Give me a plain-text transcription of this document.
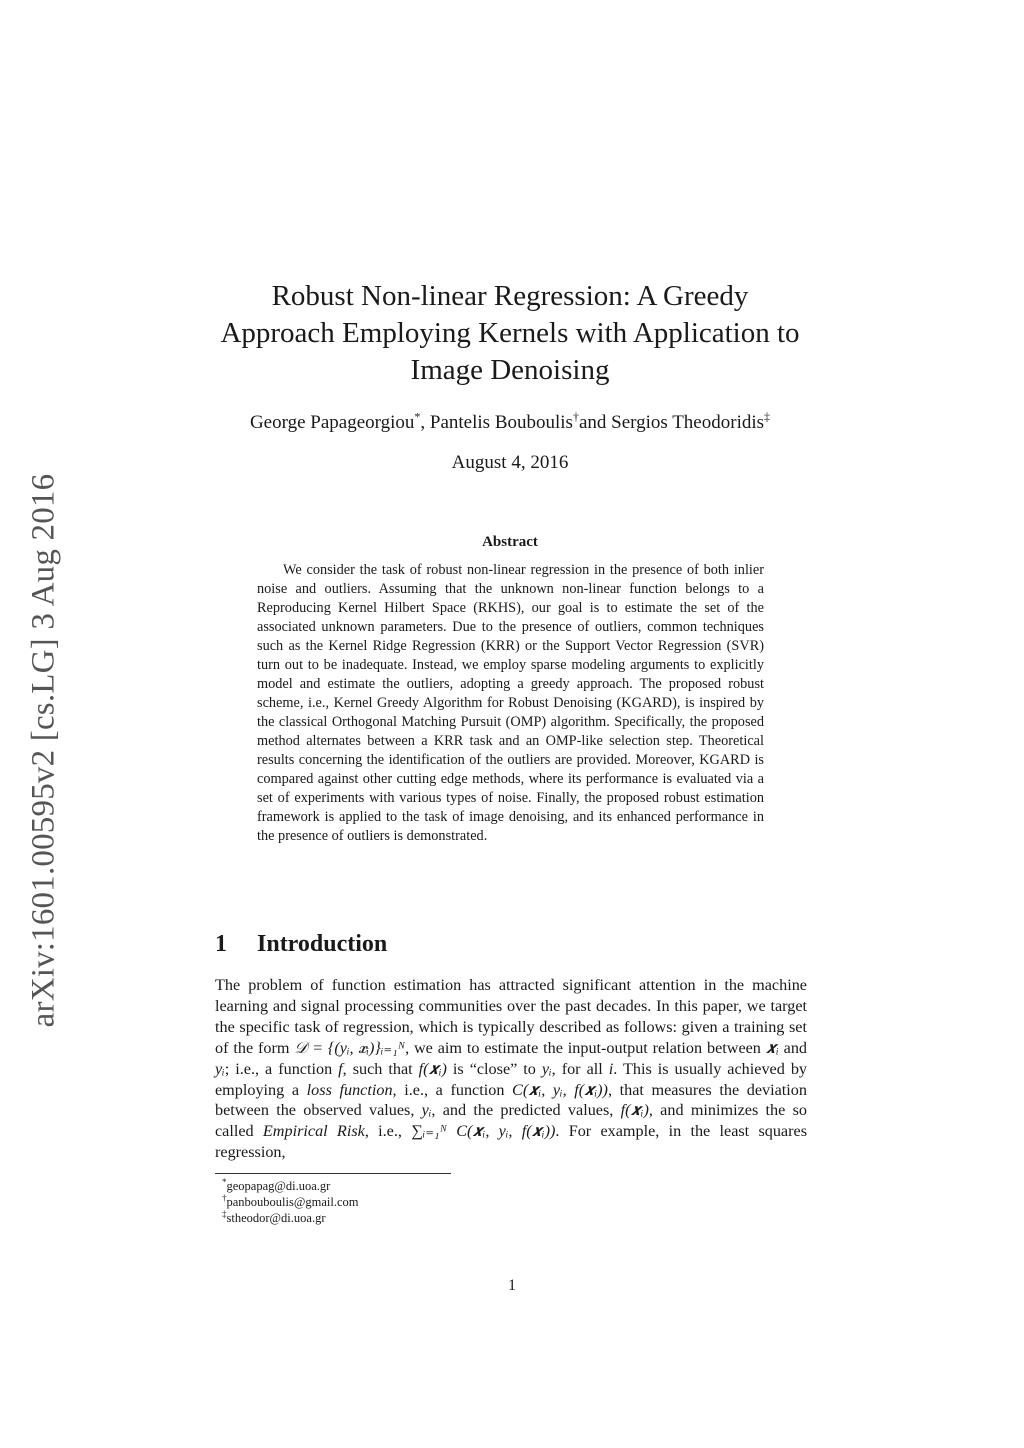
arXiv:1601.00595v2 [cs.LG] 3 Aug 2016
Robust Non-linear Regression: A Greedy
Approach Employing Kernels with Application to
Image Denoising
George Papageorgiou*, Pantelis Bouboulis†and Sergios Theodoridis‡
August 4, 2016
Abstract

We consider the task of robust non-linear regression in the presence of both inlier noise and outliers. Assuming that the unknown non-linear function belongs to a Reproducing Kernel Hilbert Space (RKHS), our goal is to estimate the set of the associated unknown parameters. Due to the presence of outliers, common techniques such as the Kernel Ridge Regression (KRR) or the Support Vector Regression (SVR) turn out to be inadequate. Instead, we employ sparse modeling arguments to explicitly model and estimate the outliers, adopting a greedy approach. The proposed robust scheme, i.e., Kernel Greedy Algorithm for Robust Denoising (KGARD), is inspired by the classical Orthogonal Matching Pursuit (OMP) algorithm. Specifically, the proposed method alternates between a KRR task and an OMP-like selection step. Theoretical results concerning the identification of the outliers are provided. Moreover, KGARD is compared against other cutting edge methods, where its performance is evaluated via a set of experiments with various types of noise. Finally, the proposed robust estimation framework is applied to the task of image denoising, and its enhanced performance in the presence of outliers is demonstrated.

1 Introduction

The problem of function estimation has attracted significant attention in the machine learning and signal processing communities over the past decades. In this paper, we target the specific task of regression, which is typically described as follows: given a training set of the form 𝒟 = {(yᵢ, 𝒙ᵢ)}ᵢ₌₁ᴺ, we aim to estimate the input-output relation between 𝒙ᵢ and yᵢ; i.e., a function f, such that f(𝒙ᵢ) is “close” to yᵢ, for all i. This is usually achieved by employing a loss function, i.e., a function C(𝒙ᵢ, yᵢ, f(𝒙ᵢ)), that measures the deviation between the observed values, yᵢ, and the predicted values, f(𝒙ᵢ), and minimizes the so called Empirical Risk, i.e., ∑ᵢ₌₁ᴺ C(𝒙ᵢ, yᵢ, f(𝒙ᵢ)). For example, in the least squares regression,

*geopapag@di.uoa.gr
†panbouboulis@gmail.com
‡stheodor@di.uoa.gr
1
